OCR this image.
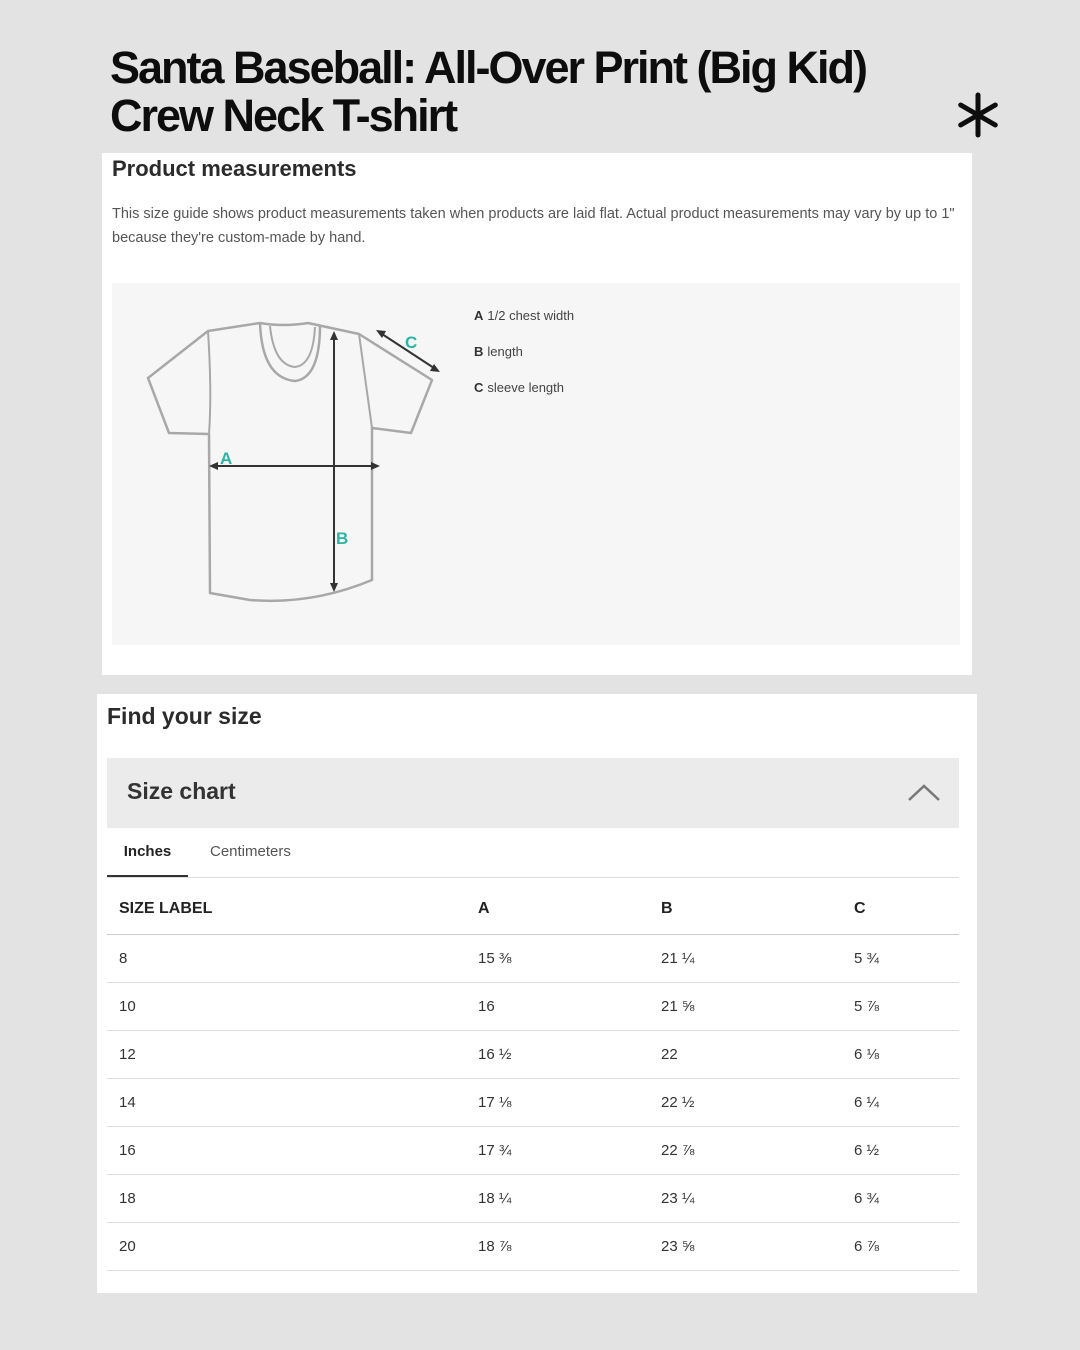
Santa Baseball: All-Over Print (Big Kid)
Crew Neck T-shirt
Product measurements

This size guide shows product measurements taken when products are laid flat. Actual product measurements may vary by up to 1" because they're custom-made by hand.

A
B
C
A 1/2 chest width
B length
C sleeve length
Find your size
Size chart
Inches	Centimeters
SIZE LABEL	A	B	C
8	15 ⅜	21 ¼	5 ¾
10	16	21 ⅝	5 ⅞
12	16 ½	22	6 ⅛
14	17 ⅛	22 ½	6 ¼
16	17 ¾	22 ⅞	6 ½
18	18 ¼	23 ¼	6 ¾
20	18 ⅞	23 ⅝	6 ⅞
